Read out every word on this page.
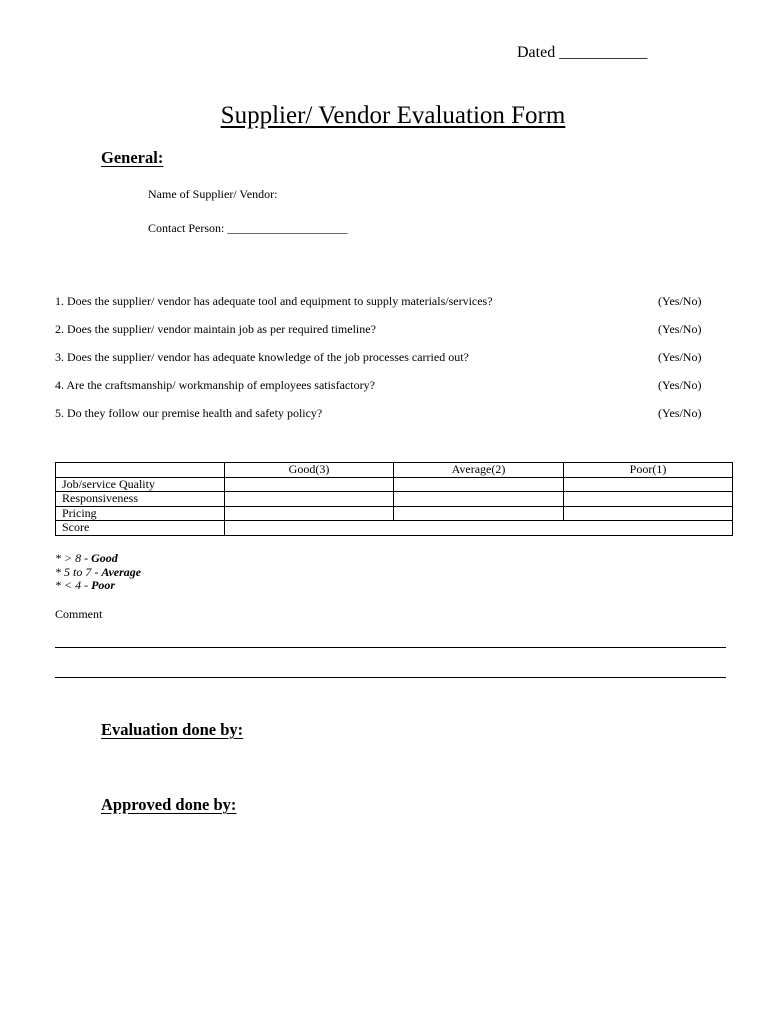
Dated ___________
Supplier/ Vendor Evaluation Form
General:
Name of Supplier/ Vendor:
Contact Person: ____________________
1. Does the supplier/ vendor has adequate tool and equipment to supply materials/services?	(Yes/No)
2. Does the supplier/ vendor maintain job as per required timeline?	(Yes/No)
3. Does the supplier/ vendor has adequate knowledge of the job processes carried out?	(Yes/No)
4. Are the craftsmanship/ workmanship of employees satisfactory?	(Yes/No)
5. Do they follow our premise health and safety policy?	(Yes/No)
	Good(3)	Average(2)	Poor(1)
Job/service Quality			
Responsiveness			
Pricing			
Score			
* > 8 - Good
* 5 to 7 - Average
* < 4 - Poor
Comment
Evaluation done by:
Approved done by:
